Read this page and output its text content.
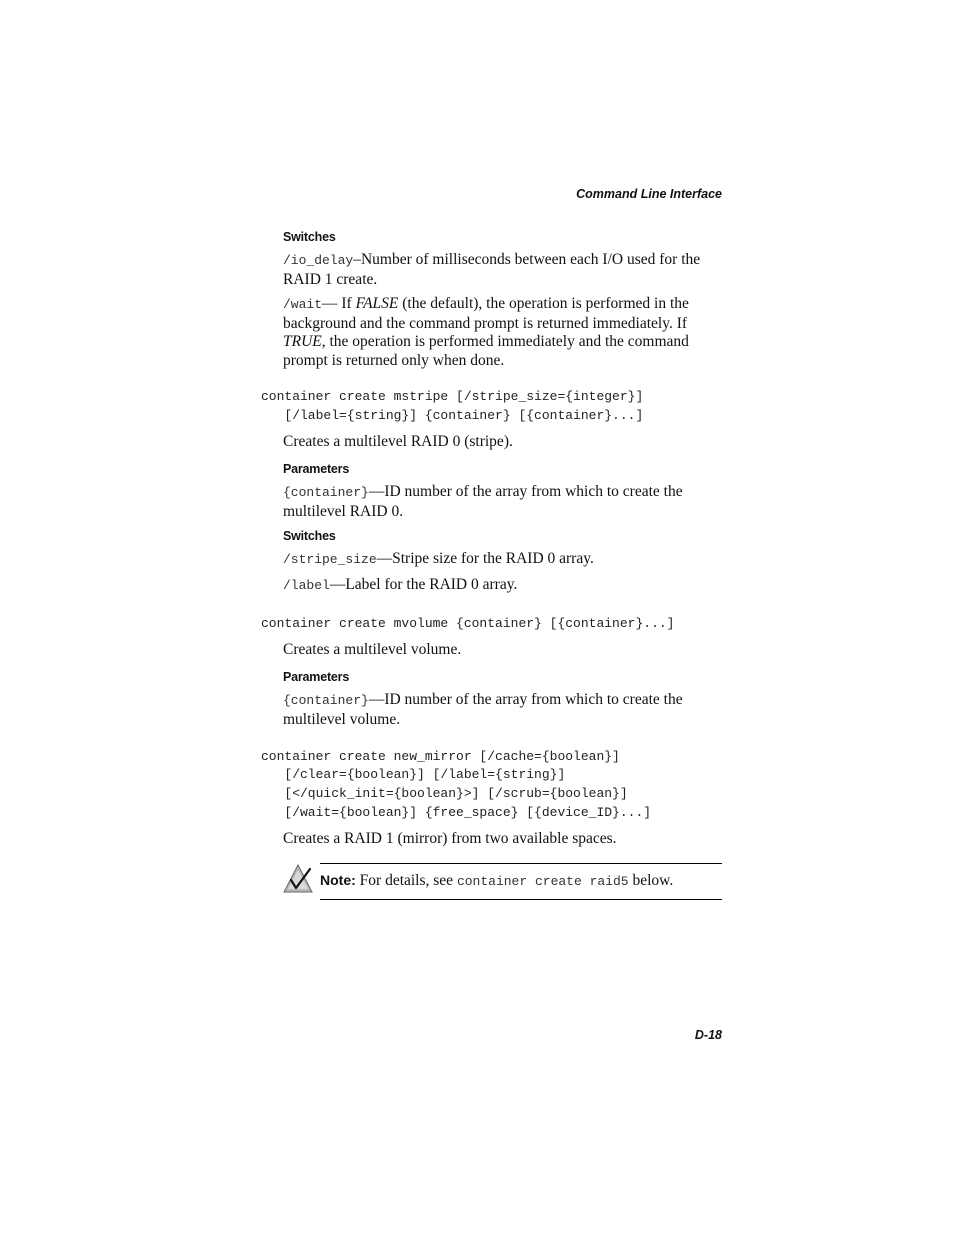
Command Line Interface
Switches

/io_delay–Number of milliseconds between each I/O used for the RAID 1 create.

/wait— If FALSE (the default), the operation is performed in the background and the command prompt is returned immediately. If TRUE, the operation is performed immediately and the command prompt is returned only when done.

container create mstripe [/stripe_size={integer}]
[/label={string}] {container} [{container}...]

Creates a multilevel RAID 0 (stripe).

Parameters

{container}—ID number of the array from which to create the multilevel RAID 0.

Switches

/stripe_size—Stripe size for the RAID 0 array.

/label—Label for the RAID 0 array.

container create mvolume {container} [{container}...]

Creates a multilevel volume.

Parameters

{container}—ID number of the array from which to create the multilevel volume.

container create new_mirror [/cache={boolean}]
[/clear={boolean}] [/label={string}]
[</quick_init={boolean}>] [/scrub={boolean}]
[/wait={boolean}] {free_space} [{device_ID}...]

Creates a RAID 1 (mirror) from two available spaces.

Note: For details, see container create raid5 below.
D-18
